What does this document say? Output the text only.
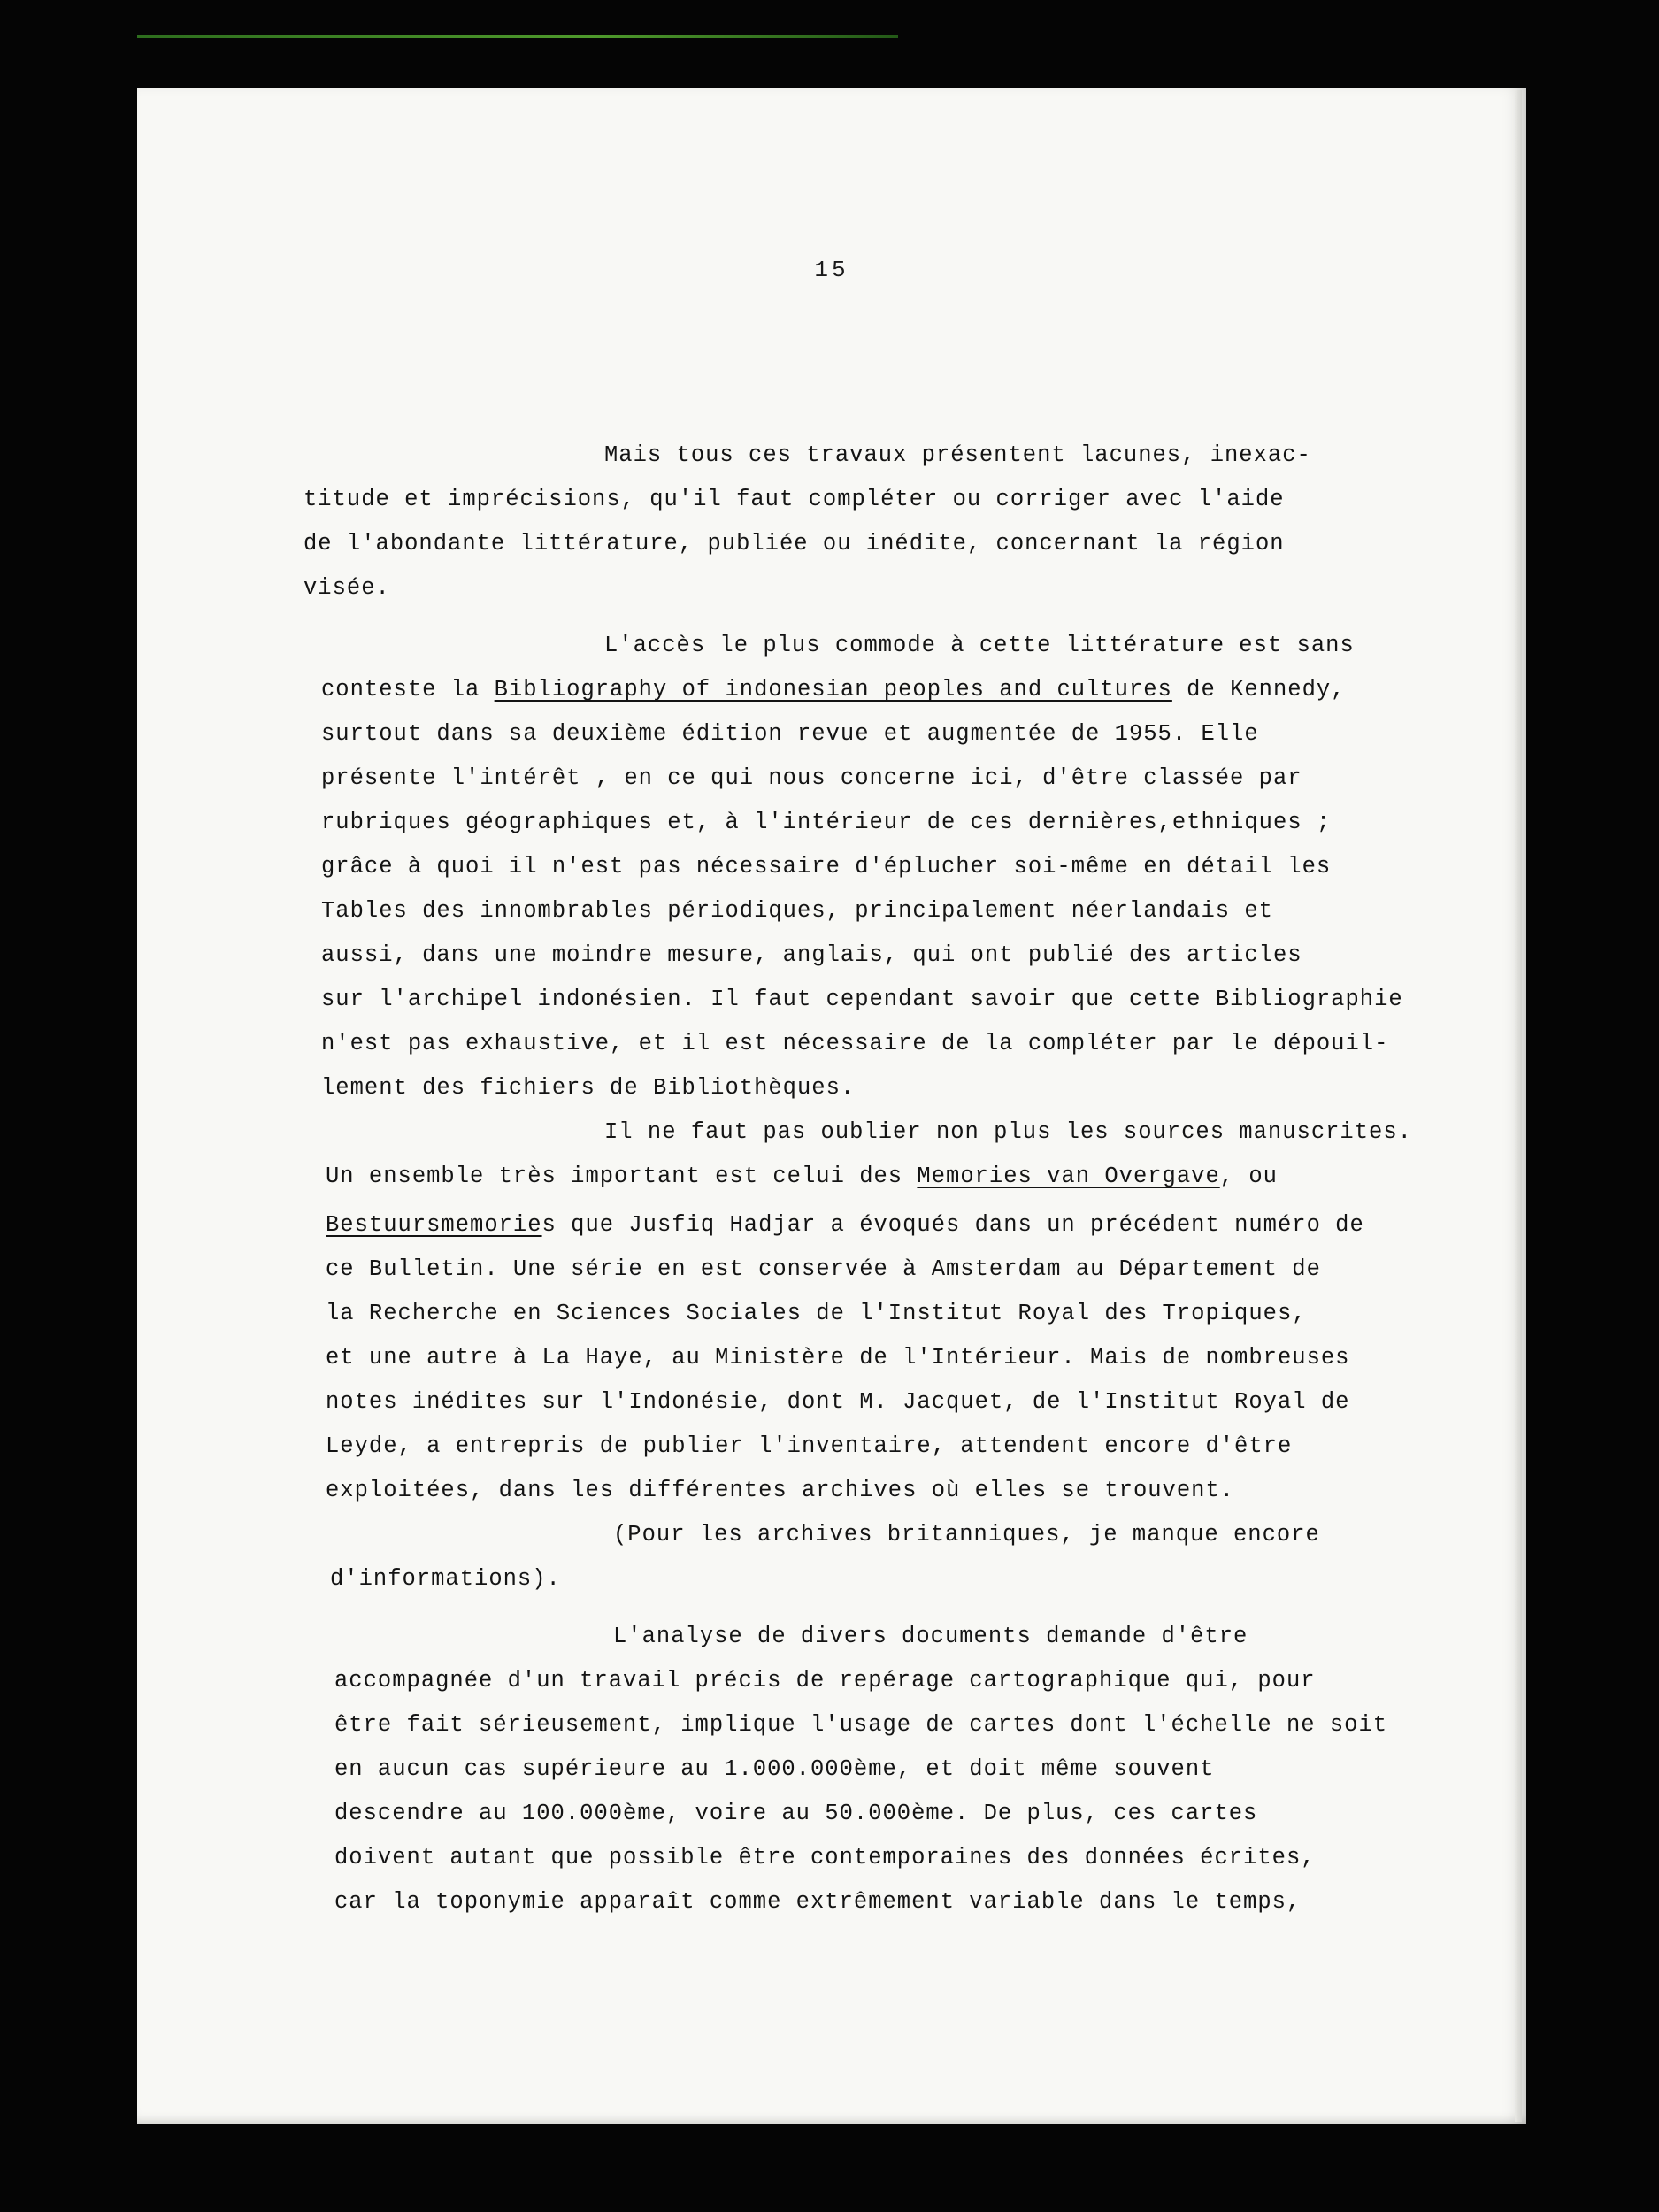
15
Mais tous ces travaux présentent lacunes, inexac-
titude et imprécisions, qu'il faut compléter ou corriger avec l'aide
de l'abondante littérature, publiée ou inédite, concernant la région
visée.
L'accès le plus commode à cette littérature est sans
conteste la Bibliography of indonesian peoples and cultures de Kennedy,
surtout dans sa deuxième édition revue et augmentée de 1955. Elle
présente l'intérêt , en ce qui nous concerne ici, d'être classée par
rubriques géographiques et, à l'intérieur de ces dernières,ethniques ;
grâce à quoi il n'est pas nécessaire d'éplucher soi-même en détail les
Tables des innombrables périodiques, principalement néerlandais et
aussi, dans une moindre mesure, anglais, qui ont publié des articles
sur l'archipel indonésien. Il faut cependant savoir que cette Bibliographie
n'est pas exhaustive, et il est nécessaire de la compléter par le dépouil-
lement des fichiers de Bibliothèques.
Il ne faut pas oublier non plus les sources manuscrites.
Un ensemble très important est celui des Memories van Overgave, ou
Bestuursmemories que Jusfiq Hadjar a évoqués dans un précédent numéro de
ce Bulletin. Une série en est conservée à Amsterdam au Département de
la Recherche en Sciences Sociales de l'Institut Royal des Tropiques,
et une autre à La Haye, au Ministère de l'Intérieur. Mais de nombreuses
notes inédites sur l'Indonésie, dont M. Jacquet, de l'Institut Royal de
Leyde, a entrepris de publier l'inventaire, attendent encore d'être
exploitées, dans les différentes archives où elles se trouvent.
(Pour les archives britanniques, je manque encore
d'informations).
L'analyse de divers documents demande d'être
accompagnée d'un travail précis de repérage cartographique qui, pour
être fait sérieusement, implique l'usage de cartes dont l'échelle ne soit
en aucun cas supérieure au 1.000.000ème, et doit même souvent
descendre au 100.000ème, voire au 50.000ème. De plus, ces cartes
doivent autant que possible être contemporaines des données écrites,
car la toponymie apparaît comme extrêmement variable dans le temps,
